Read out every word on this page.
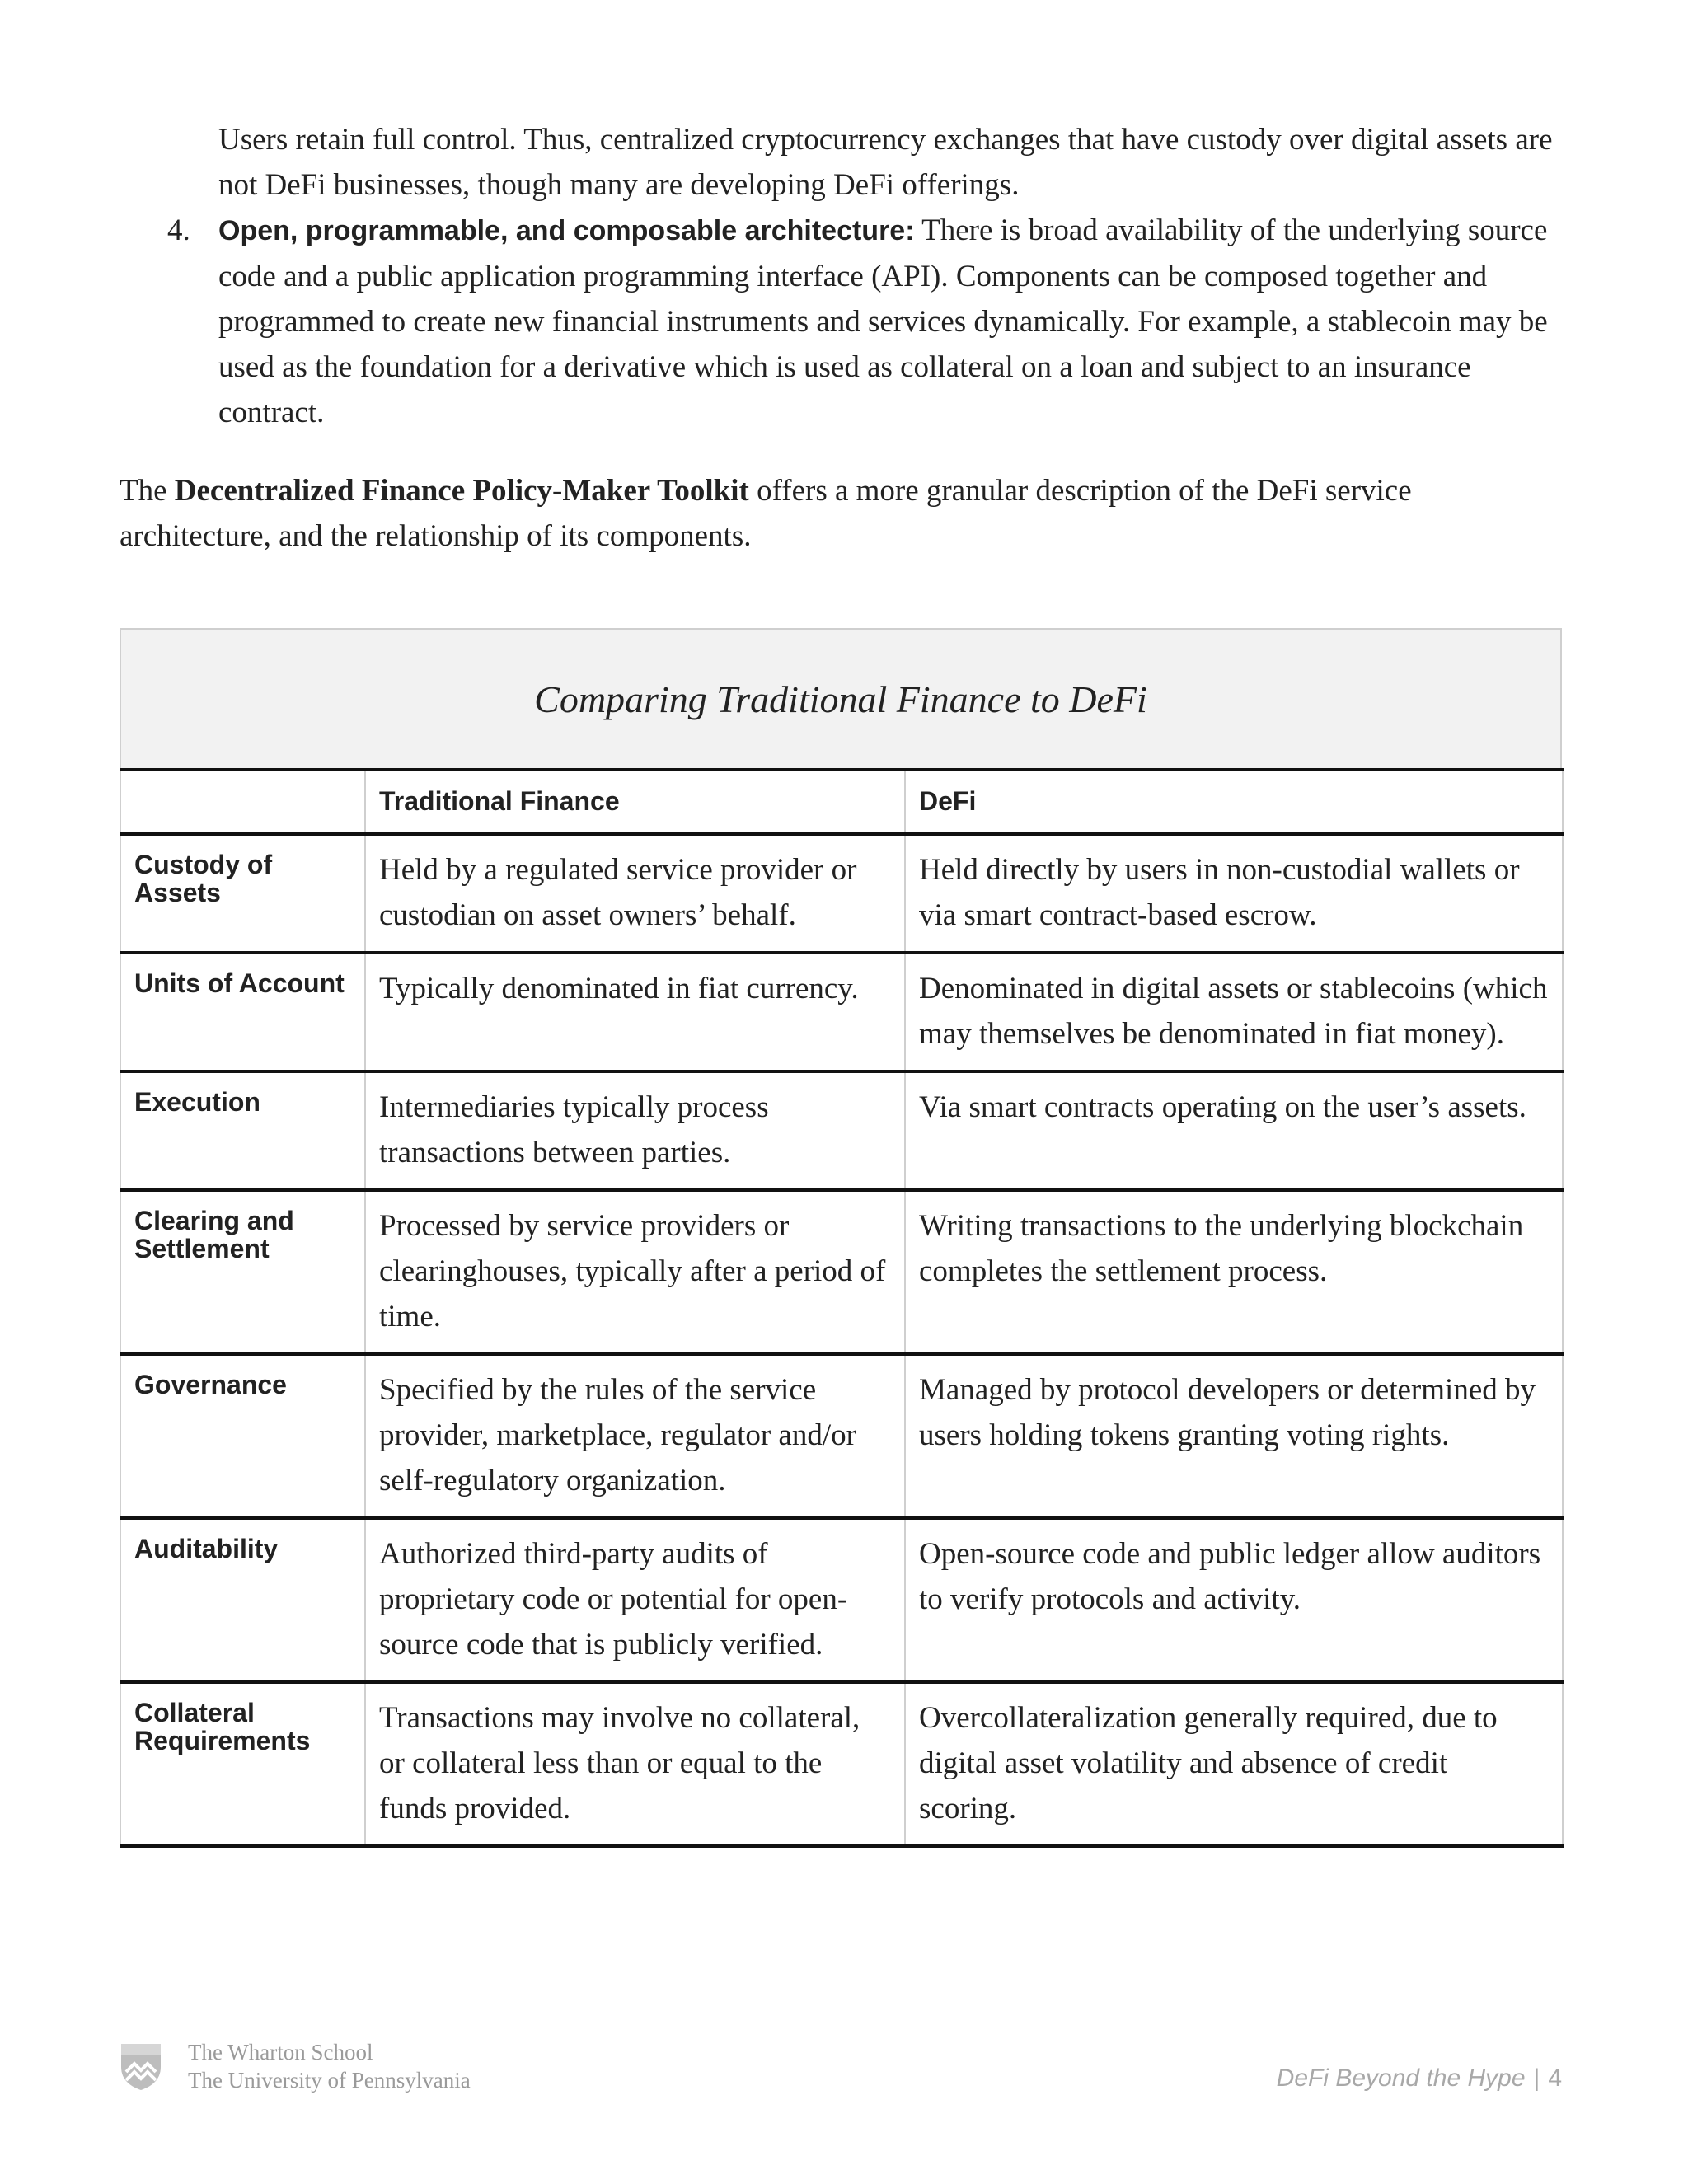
Users retain full control. Thus, centralized cryptocurrency exchanges that have custody over digital assets are not DeFi businesses, though many are developing DeFi offerings.

4. Open, programmable, and composable architecture: There is broad availability of the underlying source code and a public application programming interface (API). Components can be composed together and programmed to create new financial instruments and services dynamically. For example, a stablecoin may be used as the foundation for a derivative which is used as collateral on a loan and subject to an insurance contract.

The Decentralized Finance Policy-Maker Toolkit offers a more granular description of the DeFi service architecture, and the relationship of its components.

Comparing Traditional Finance to DeFi
	Traditional Finance	DeFi
Custody of Assets	Held by a regulated service provider or custodian on asset owners’ behalf.	Held directly by users in non-custodial wallets or via smart contract-based escrow.
Units of Account	Typically denominated in fiat currency.	Denominated in digital assets or stablecoins (which may themselves be denominated in fiat money).
Execution	Intermediaries typically process transactions between parties.	Via smart contracts operating on the user’s assets.
Clearing and Settlement	Processed by service providers or clearinghouses, typically after a period of time.	Writing transactions to the underlying blockchain completes the settlement process.
Governance	Specified by the rules of the service provider, marketplace, regulator and/or self-regulatory organization.	Managed by protocol developers or determined by users holding tokens granting voting rights.
Auditability	Authorized third-party audits of proprietary code or potential for open-source code that is publicly verified.	Open-source code and public ledger allow auditors to verify protocols and activity.
Collateral Requirements	Transactions may involve no collateral, or collateral less than or equal to the funds provided.	Overcollateralization generally required, due to digital asset volatility and absence of credit scoring.
The Wharton School
The University of Pennsylvania	DeFi Beyond the Hype | 4
